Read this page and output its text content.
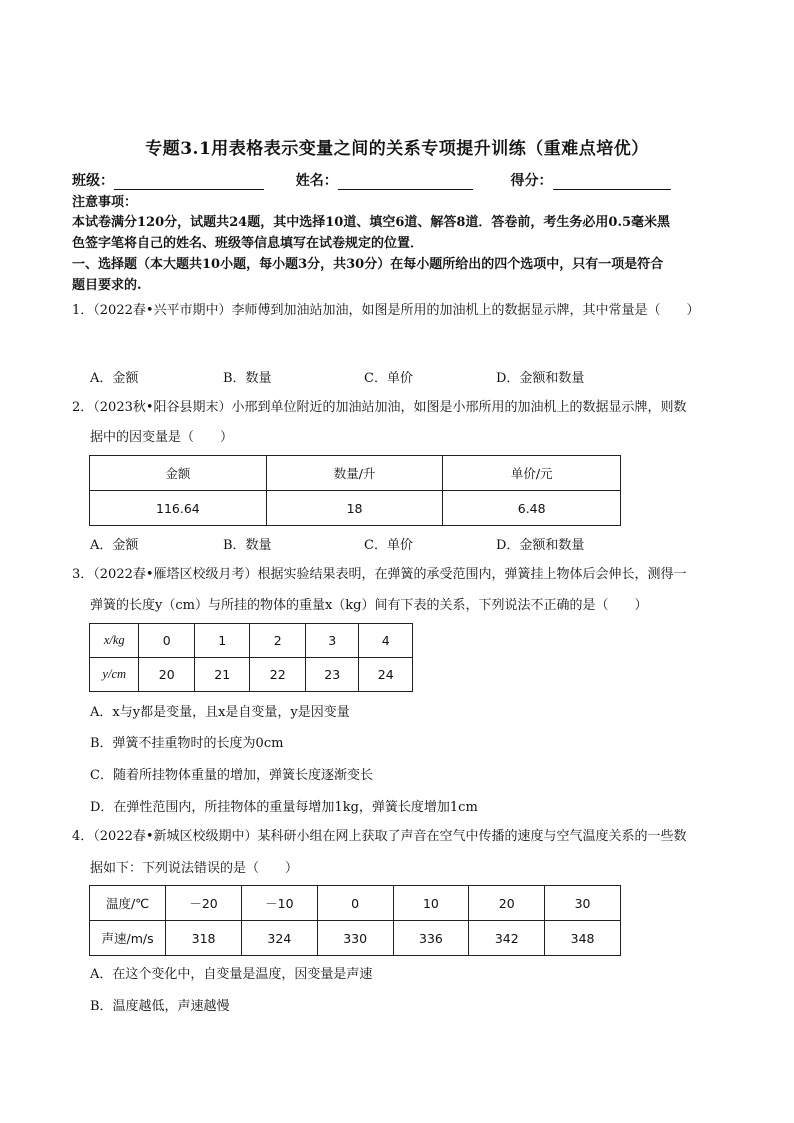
专题3.1用表格表示变量之间的关系专项提升训练（重难点培优）
班级：	姓名：	得分：
注意事项：
本试卷满分120分，试题共24题，其中选择10道、填空6道、解答8道．答卷前，考生务必用0.5毫米黑
色签字笔将自己的姓名、班级等信息填写在试卷规定的位置．
一、选择题（本大题共10小题，每小题3分，共30分）在每小题所给出的四个选项中，只有一项是符合
题目要求的.
1．（2022春•兴平市期中）李师傅到加油站加油，如图是所用的加油机上的数据显示牌，其中常量是（　　）
A．金额	B．数量	C．单价	D．金额和数量
2．（2023秋•阳谷县期末）小邢到单位附近的加油站加油，如图是小邢所用的加油机上的数据显示牌，则数
据中的因变量是（　　）
金额	数量/升	单价/元
116.64	18	6.48
A．金额	B．数量	C．单价	D．金额和数量
3．（2022春•雁塔区校级月考）根据实验结果表明，在弹簧的承受范围内，弹簧挂上物体后会伸长，测得一
弹簧的长度y（cm）与所挂的物体的重量x（kg）间有下表的关系，下列说法不正确的是（　　）
x/kg	0	1	2	3	4
y/cm	20	21	22	23	24
A．x与y都是变量，且x是自变量，y是因变量
B．弹簧不挂重物时的长度为0cm
C．随着所挂物体重量的增加，弹簧长度逐渐变长
D．在弹性范围内，所挂物体的重量每增加1kg，弹簧长度增加1cm
4．（2022春•新城区校级期中）某科研小组在网上获取了声音在空气中传播的速度与空气温度关系的一些数
据如下：下列说法错误的是（　　）
温度/℃	－20	－10	0	10	20	30
声速/m/s	318	324	330	336	342	348
A．在这个变化中，自变量是温度，因变量是声速
B．温度越低，声速越慢
